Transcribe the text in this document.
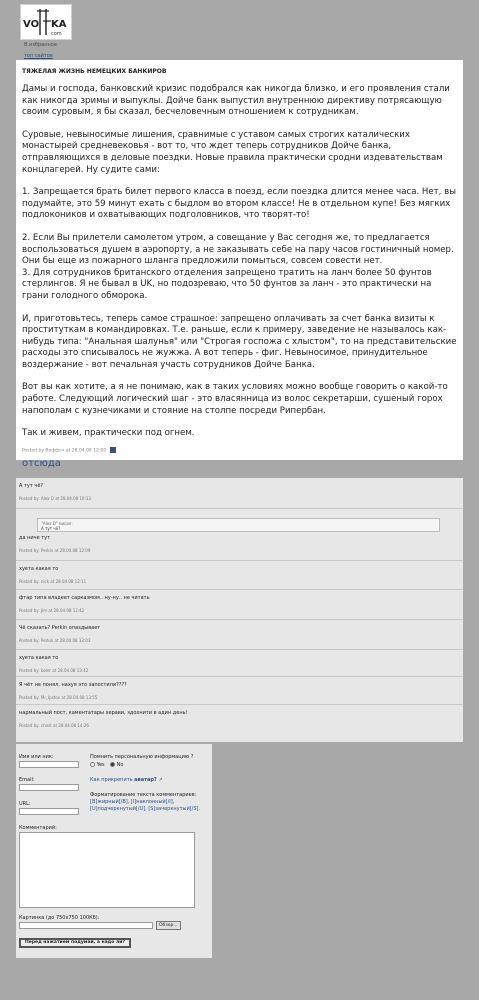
VO KA
com
В избранное
топ сайтов
ТЯЖЕЛАЯ ЖИЗНЬ НЕМЕЦКИХ БАНКИРОВ

Дамы и господа, банковский кризис подобрался как никогда близко, и его проявления стали как никогда зримы и выпуклы. Дойче банк выпустил внутреннюю директиву потрясающую своим суровым, я бы сказал, бесчеловечным отношением к сотрудникам.

Суровые, невыносимые лишения, сравнимые с уставом самых строгих каталических монастырей средневековья - вот то, что ждет теперь сотрудников Дойче банка, отправляющихся в деловые поездки. Новые правила практически сродни издевательствам концлагерей. Ну судите сами:

1. Запрещается брать билет первого класса в поезд, если поездка длится менее часа. Нет, вы подумайте, это 59 минут ехать с быдлом во втором классе! Не в отдельном купе! Без мягких подлокоников и охватывающих подголовников, что творят-то!

2. Если Вы прилетели самолетом утром, а совещание у Вас сегодня же, то предлагается воспользоваться душем в аэропорту, а не заказывать себе на пару часов гостиничный номер. Они бы еще из пожарного шланга предложили помыться, совсем совести нет.

3. Для сотрудников британского отделения запрещено тратить на ланч более 50 фунтов стерлингов. Я не бывал в UK, но подозреваю, что 50 фунтов за ланч - это практически на грани голодного обморока.

И, приготовьтесь, теперь самое страшное: запрещено оплачивать за счет банка визиты к проституткам в командировках. Т.е. раньше, если к примеру, заведение не называлось как-нибудь типа: "Анальная шалунья" или "Строгая госпожа с хлыстом", то на представительские расходы это списывалось не жужжа. А вот теперь - фиг. Невыносимое, принудительное воздержание - вот печальная участь сотрудников Дойче Банка.

Вот вы как хотите, а я не понимаю, как в таких условиях можно вообще говорить о какой-то работе. Следующий логический шаг - это власянница из волос секретарши, сушеный горох напополам с кузнечиками и стояние на столпе посреди Рипербан.

Так и живем, практически под огнем.

отсюда
Posted by Воффоч at 28.04.08 12:00
А тут чё?
Posted by: Alex D at 28.04.08 10:33
"Alex D" писал:
А тут чё?
да ниче тут
Posted by: Perkin at 28.04.08 12:09
хуета какая то
Posted by: nick at 28.04.08 12:11
фтар типа владеет сарказмом.. ну-ну.. не читать
Posted by: Jim at 28.04.08 12:42
Чё сказать? Perkin опаздывает
Posted by: Perkin at 28.04.08 13:03
хуета какая то
Posted by: boler at 28.04.08 13:42
Я чёт не понял, нахуя это запостили????
Posted by: Mr_Ipstov at 28.04.08 13:55
нармальный пост, каментатары херави, здохнити в адин день!
Posted by: chest at 28.04.08 14:26
Имя или ник:
Email:
URL:
Помнить персональную информацию ?
Yes	No
Как прикрепить аватар? ↗
Форматирование текста комментариев:
[B]жирный[/B], [I]наклонный[/I],
[U]подчеркнутый[/U], [S]зачеркнутый[/S].
Комментарий:
Картинка (до 750x750 100Кб):
Обзор...
Перед нажатием подумай, а надо ли?
